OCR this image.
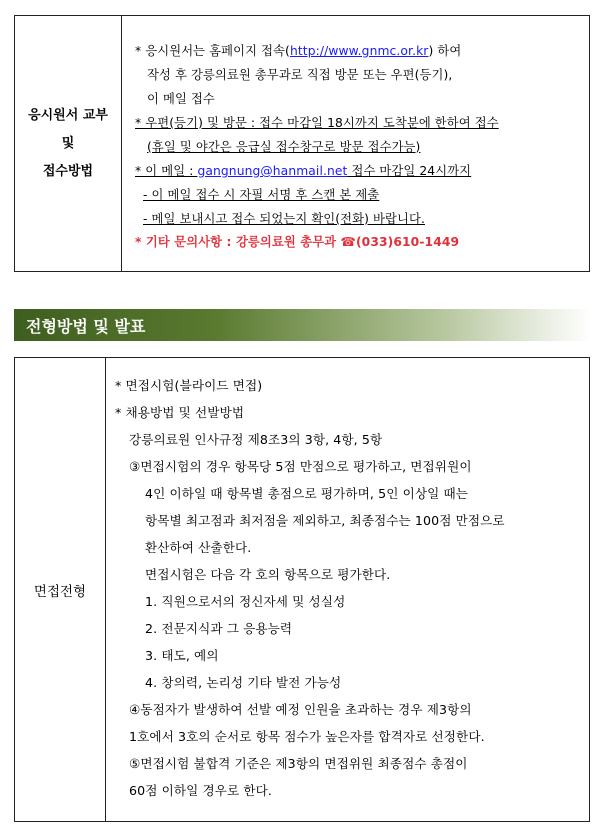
응시원서 교부
및
접수방법
* 응시원서는 홈페이지 접속(http://www.gnmc.or.kr) 하여
작성 후 강릉의료원 총무과로 직접 방문 또는 우편(등기),
이 메일 접수
* 우편(등기) 및 방문 : 접수 마감일 18시까지 도착분에 한하여 접수
(휴일 및 야간은 응급실 접수창구로 방문 접수가능)
* 이 메일 : gangnung@hanmail.net 접수 마감일 24시까지
- 이 메일 접수 시 자필 서명 후 스캔 본 제출
- 메일 보내시고 접수 되었는지 확인(전화) 바랍니다.
* 기타 문의사항 : 강릉의료원 총무과 ☎(033)610-1449
전형방법 및 발표
면접전형
* 면접시험(블라이드 면접)
* 채용방법 및 선발방법
강릉의료원 인사규정 제8조3의 3항, 4항, 5항
③면접시험의 경우 항목당 5점 만점으로 평가하고, 면접위원이
4인 이하일 때 항목별 총점으로 평가하며, 5인 이상일 때는
항목별 최고점과 최저점을 제외하고, 최종점수는 100점 만점으로
환산하여 산출한다.
면접시험은 다음 각 호의 항목으로 평가한다.
1. 직원으로서의 정신자세 및 성실성
2. 전문지식과 그 응용능력
3. 태도, 예의
4. 창의력, 논리성 기타 발전 가능성
④동점자가 발생하여 선발 예정 인원을 초과하는 경우 제3항의
1호에서 3호의 순서로 항목 점수가 높은자를 합격자로 선정한다.
⑤면접시험 불합격 기준은 제3항의 면접위원 최종점수 총점이
60점 이하일 경우로 한다.
